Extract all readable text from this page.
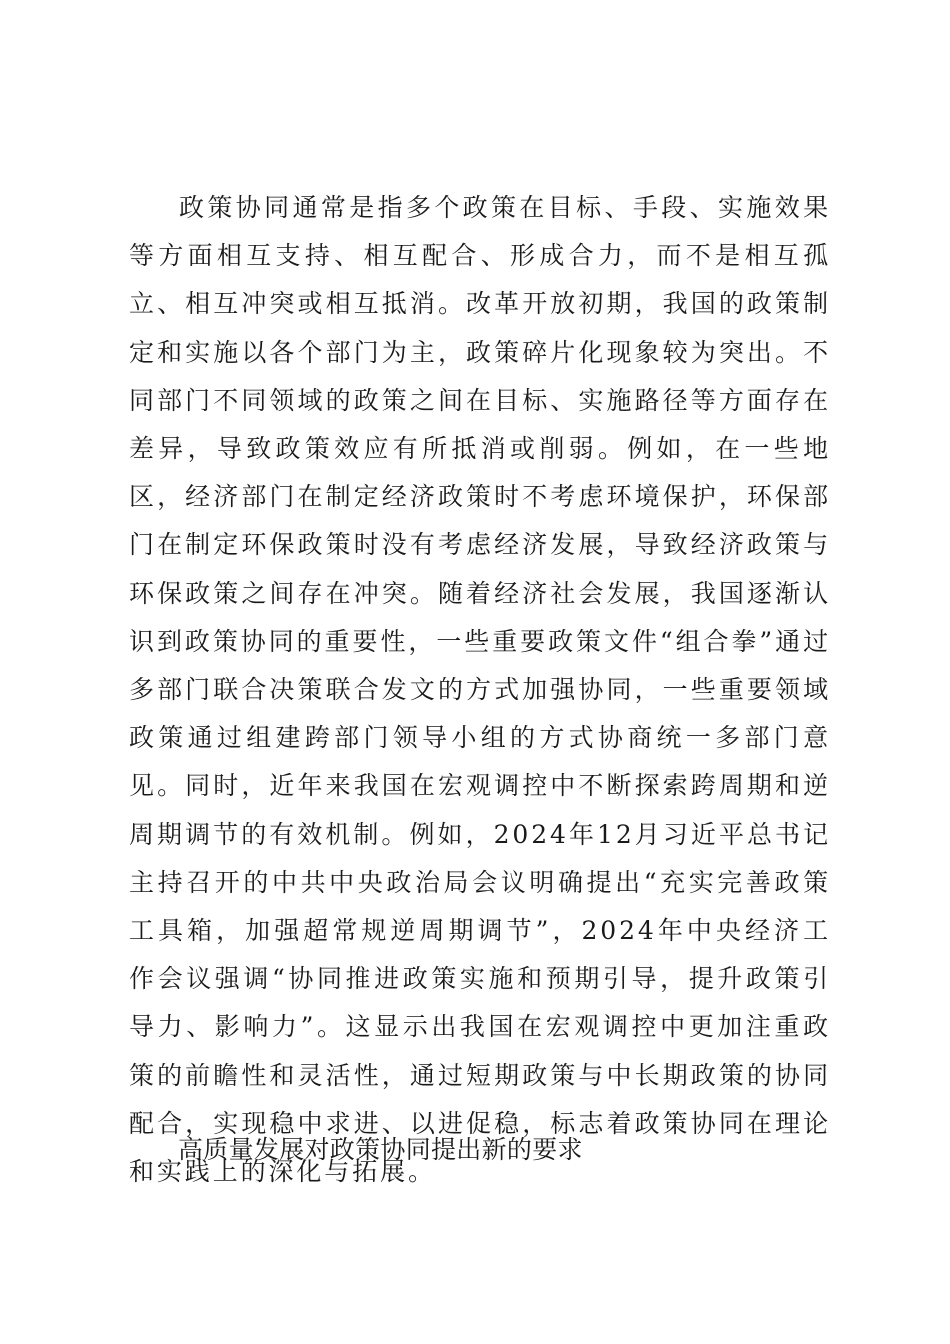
政策协同通常是指多个政策在目标、手段、实施效果等方面相互支持、相互配合、形成合力，而不是相互孤立、相互冲突或相互抵消。改革开放初期，我国的政策制定和实施以各个部门为主，政策碎片化现象较为突出。不同部门不同领域的政策之间在目标、实施路径等方面存在差异，导致政策效应有所抵消或削弱。例如，在一些地区，经济部门在制定经济政策时不考虑环境保护，环保部门在制定环保政策时没有考虑经济发展，导致经济政策与环保政策之间存在冲突。随着经济社会发展，我国逐渐认识到政策协同的重要性，一些重要政策文件“组合拳”通过多部门联合决策联合发文的方式加强协同，一些重要领域政策通过组建跨部门领导小组的方式协商统一多部门意见。同时，近年来我国在宏观调控中不断探索跨周期和逆周期调节的有效机制。例如，2024年12月习近平总书记主持召开的中共中央政治局会议明确提出“充实完善政策工具箱，加强超常规逆周期调节”，2024年中央经济工作会议强调“协同推进政策实施和预期引导，提升政策引导力、影响力”。这显示出我国在宏观调控中更加注重政策的前瞻性和灵活性，通过短期政策与中长期政策的协同配合，实现稳中求进、以进促稳，标志着政策协同在理论和实践上的深化与拓展。

高质量发展对政策协同提出新的要求
